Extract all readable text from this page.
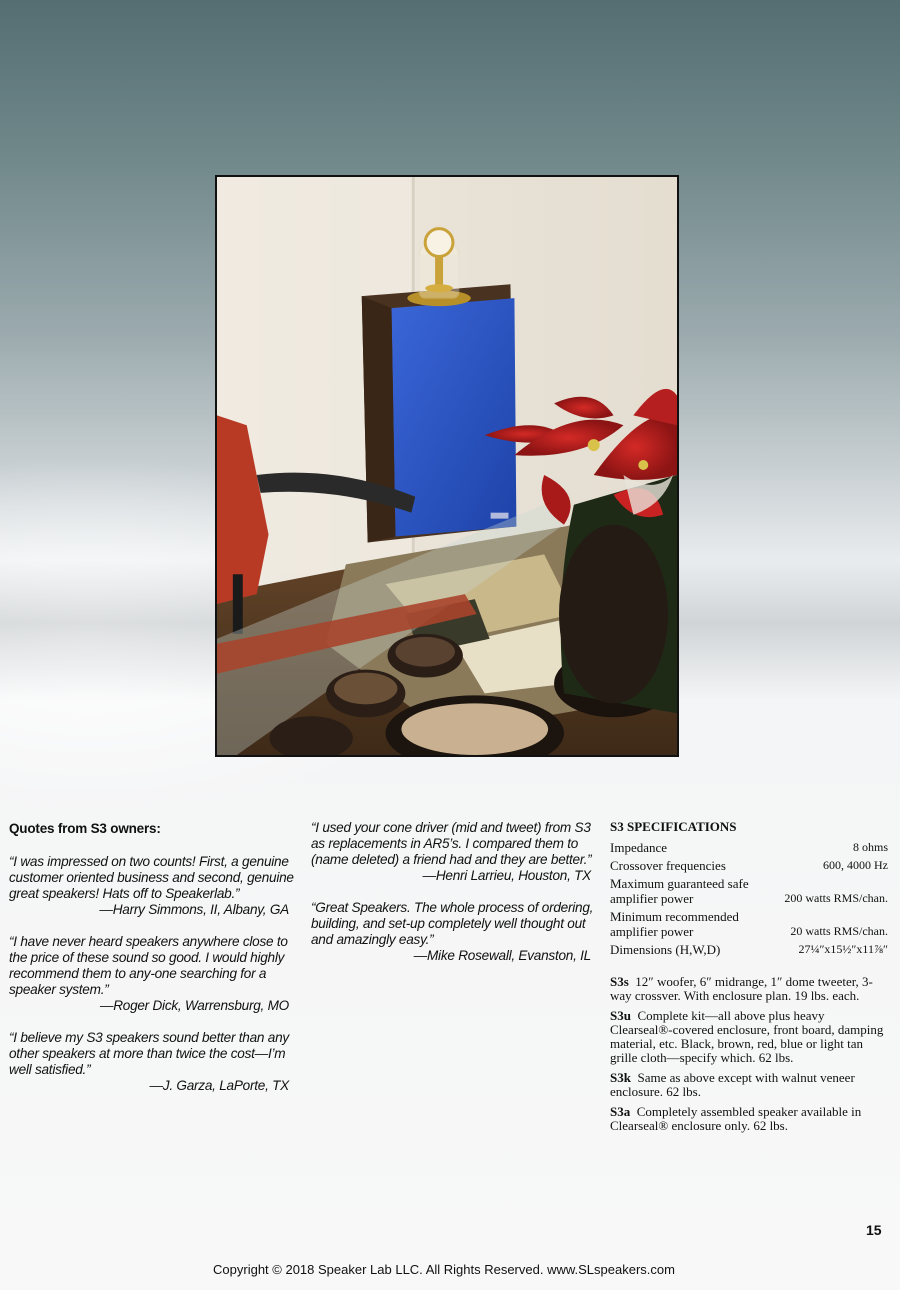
Quotes from S3 owners:

“I was impressed on two counts! First, a genuine customer oriented business and second, genuine great speakers! Hats off to Speakerlab.”

—Harry Simmons, II, Albany, GA

“I have never heard speakers anywhere close to the price of these sound so good. I would highly recommend them to any-one searching for a speaker system.”

—Roger Dick, Warrensburg, MO

“I believe my S3 speakers sound better than any other speakers at more than twice the cost—I’m well satisfied.”

—J. Garza, LaPorte, TX

“I used your cone driver (mid and tweet) from S3 as replacements in AR5’s. I compared them to (name deleted) a friend had and they are better.”

—Henri Larrieu, Houston, TX

“Great Speakers. The whole process of ordering, building, and set-up completely well thought out and amazingly easy.”

—Mike Rosewall, Evanston, IL

S3 SPECIFICATIONS
Impedance	8 ohms
Crossover frequencies	600, 4000 Hz
Maximum guaranteed safe amplifier power	200 watts RMS/chan.
Minimum recommended amplifier power	20 watts RMS/chan.
Dimensions (H,W,D)	27¼″x15½″x11⅞″

S3s 12″ woofer, 6″ midrange, 1″ dome tweeter, 3-way crossver. With enclosure plan. 19 lbs. each.

S3u Complete kit—all above plus heavy Clearseal®-covered enclosure, front board, damping material, etc. Black, brown, red, blue or light tan grille cloth—specify which. 62 lbs.

S3k Same as above except with walnut veneer enclosure. 62 lbs.

S3a Completely assembled speaker available in Clearseal® enclosure only. 62 lbs.

15
Copyright © 2018 Speaker Lab LLC. All Rights Reserved. www.SLspeakers.com
